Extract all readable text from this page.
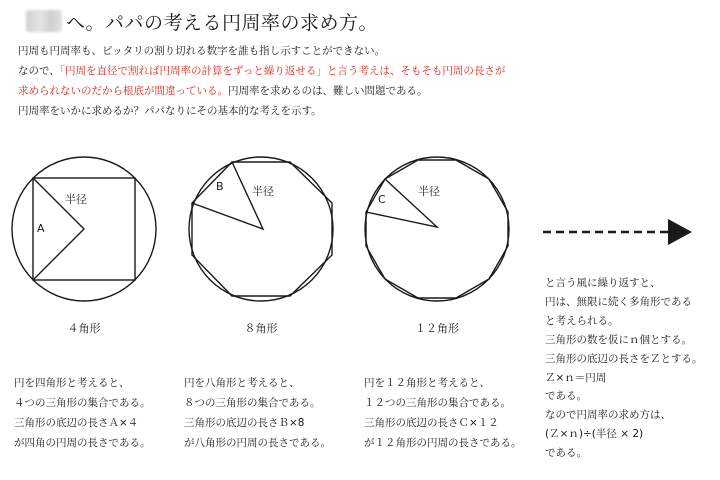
へ。パパの考える円周率の求め方。
円周も円周率も、ピッタリの割り切れる数字を誰も指し示すことができない。
なので、「円周を直径で割れば円周率の計算をずっと繰り返せる」と言う考えは、そもそも円周の長さが
求められないのだから根底が間違っている。円周率を求めるのは、難しい問題である。
円周率をいかに求めるか？パパなりにその基本的な考えを示す。
A
半径
B	半径
C
半径
４角形	８角形	１２角形
円を四角形と考えると、
４つの三角形の集合である。
三角形の底辺の長さＡ×４
が四角の円周の長さである。
円を八角形と考えると、
８つの三角形の集合である。
三角形の底辺の長さＢ×8
が八角形の円周の長さである。
円を１２角形と考えると、
１２つの三角形の集合である。
三角形の底辺の長さＣ×１２
が１２角形の円周の長さである。
と言う風に繰り返すと、
円は、無限に続く多角形である
と考えられる。
三角形の数を仮にｎ個とする。
三角形の底辺の長さをＺとする。
Ｚ×ｎ＝円周
である。
なので円周率の求め方は、
(Ｚ×ｎ)÷(半径 × 2)
である。
